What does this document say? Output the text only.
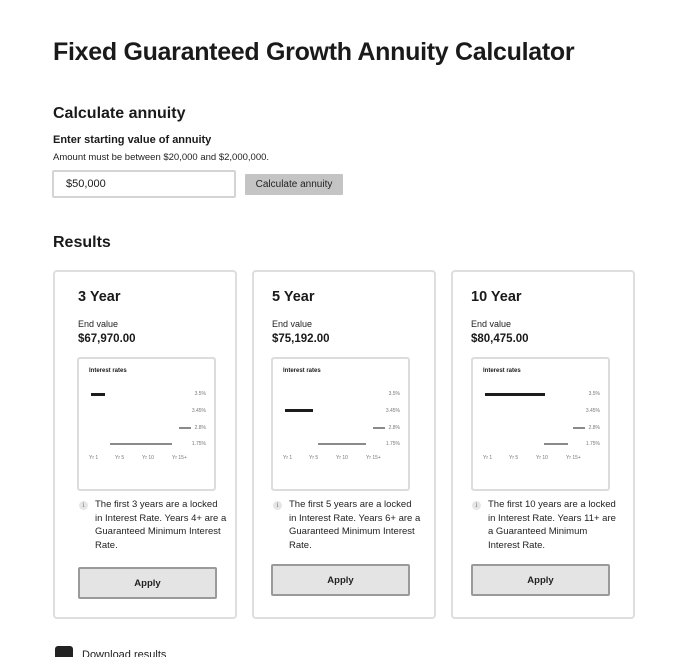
Fixed Guaranteed Growth Annuity Calculator
Calculate annuity
Enter starting value of annuity
Amount must be between $20,000 and $2,000,000.
$50,000
Calculate annuity
Results
3 Year
End value
$67,970.00
Interest rates
3.5%
3.45%
2.8%
1.75%
Yr 1	Yr 5	Yr 10	Yr 15+
i	The first 3 years are a locked in Interest Rate. Years 4+ are a Guaranteed Minimum Interest Rate.
Apply
5 Year
End value
$75,192.00
Interest rates
3.5%
3.45%
2.8%
1.75%
Yr 1	Yr 5	Yr 10	Yr 15+
i	The first 5 years are a locked in Interest Rate. Years 6+ are a Guaranteed Minimum Interest Rate.
Apply
10 Year
End value
$80,475.00
Interest rates
3.5%
3.45%
2.8%
1.75%
Yr 1	Yr 5	Yr 10	Yr 15+
i	The first 10 years are a locked in Interest Rate. Years 11+ are a Guaranteed Minimum Interest Rate.
Apply
Download results
